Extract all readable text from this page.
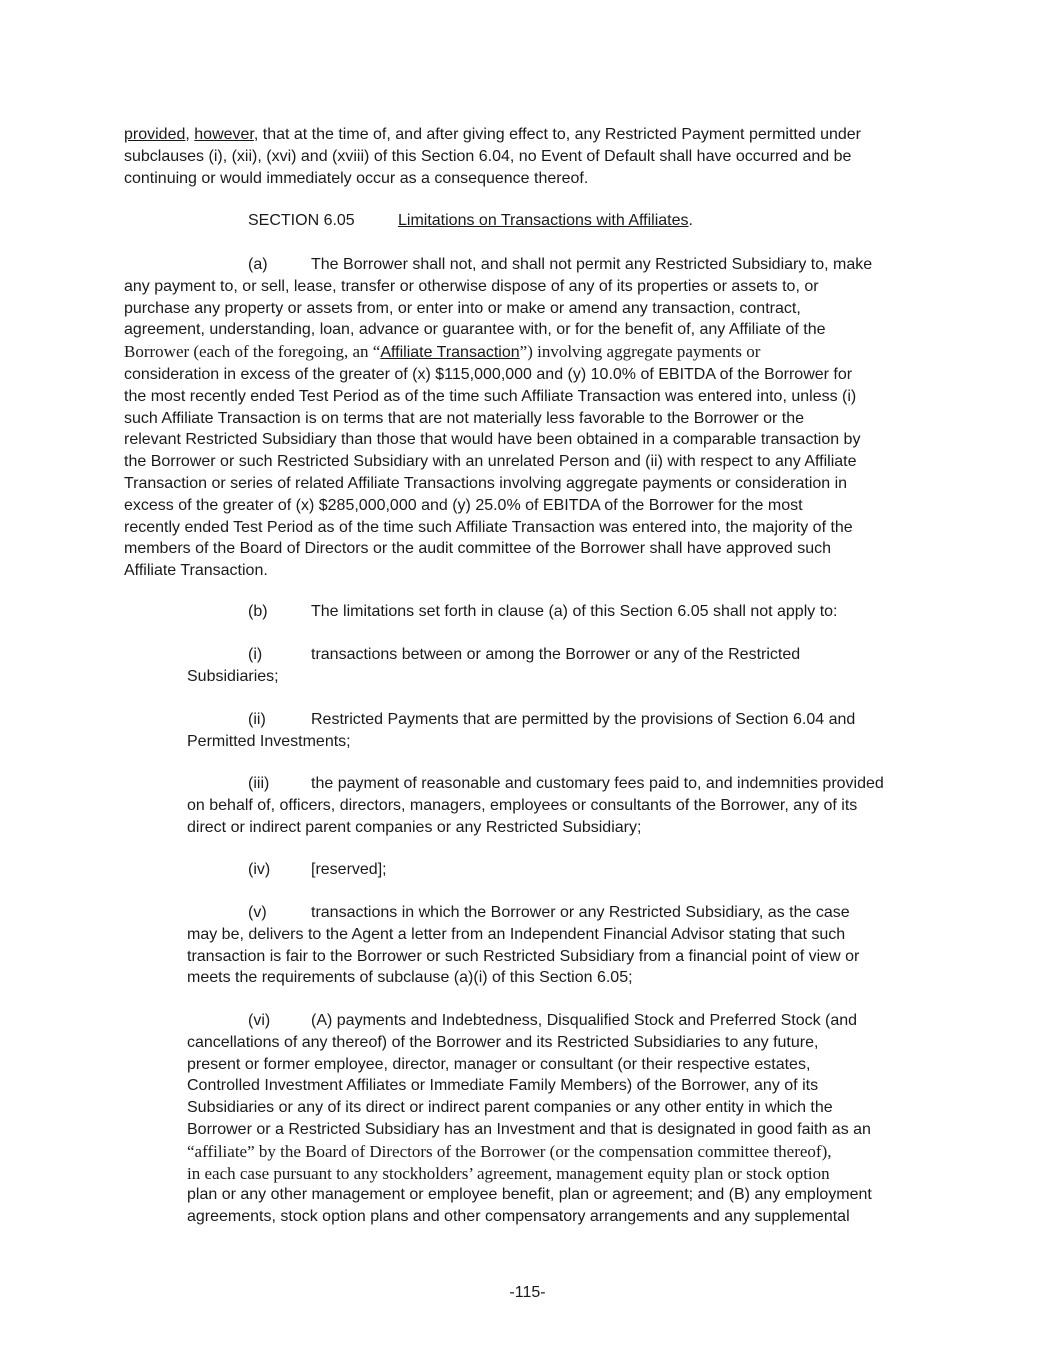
provided, however, that at the time of, and after giving effect to, any Restricted Payment permitted under
subclauses (i), (xii), (xvi) and (xviii) of this Section 6.04, no Event of Default shall have occurred and be
continuing or would immediately occur as a consequence thereof.

SECTION 6.05	Limitations on Transactions with Affiliates.

(a)	The Borrower shall not, and shall not permit any Restricted Subsidiary to, make
any payment to, or sell, lease, transfer or otherwise dispose of any of its properties or assets to, or
purchase any property or assets from, or enter into or make or amend any transaction, contract,
agreement, understanding, loan, advance or guarantee with, or for the benefit of, any Affiliate of the
Borrower (each of the foregoing, an “Affiliate Transaction”) involving aggregate payments or
consideration in excess of the greater of (x) $115,000,000 and (y) 10.0% of EBITDA of the Borrower for
the most recently ended Test Period as of the time such Affiliate Transaction was entered into, unless (i)
such Affiliate Transaction is on terms that are not materially less favorable to the Borrower or the
relevant Restricted Subsidiary than those that would have been obtained in a comparable transaction by
the Borrower or such Restricted Subsidiary with an unrelated Person and (ii) with respect to any Affiliate
Transaction or series of related Affiliate Transactions involving aggregate payments or consideration in
excess of the greater of (x) $285,000,000 and (y) 25.0% of EBITDA of the Borrower for the most
recently ended Test Period as of the time such Affiliate Transaction was entered into, the majority of the
members of the Board of Directors or the audit committee of the Borrower shall have approved such
Affiliate Transaction.

(b)	The limitations set forth in clause (a) of this Section 6.05 shall not apply to:

(i)	transactions between or among the Borrower or any of the Restricted
Subsidiaries;

(ii)	Restricted Payments that are permitted by the provisions of Section 6.04 and
Permitted Investments;

(iii)	the payment of reasonable and customary fees paid to, and indemnities provided
on behalf of, officers, directors, managers, employees or consultants of the Borrower, any of its
direct or indirect parent companies or any Restricted Subsidiary;

(iv)	[reserved];

(v)	transactions in which the Borrower or any Restricted Subsidiary, as the case
may be, delivers to the Agent a letter from an Independent Financial Advisor stating that such
transaction is fair to the Borrower or such Restricted Subsidiary from a financial point of view or
meets the requirements of subclause (a)(i) of this Section 6.05;

(vi)	(A) payments and Indebtedness, Disqualified Stock and Preferred Stock (and
cancellations of any thereof) of the Borrower and its Restricted Subsidiaries to any future,
present or former employee, director, manager or consultant (or their respective estates,
Controlled Investment Affiliates or Immediate Family Members) of the Borrower, any of its
Subsidiaries or any of its direct or indirect parent companies or any other entity in which the
Borrower or a Restricted Subsidiary has an Investment and that is designated in good faith as an
“affiliate” by the Board of Directors of the Borrower (or the compensation committee thereof),
in each case pursuant to any stockholders’ agreement, management equity plan or stock option
plan or any other management or employee benefit, plan or agreement; and (B) any employment
agreements, stock option plans and other compensatory arrangements and any supplemental

-115-
